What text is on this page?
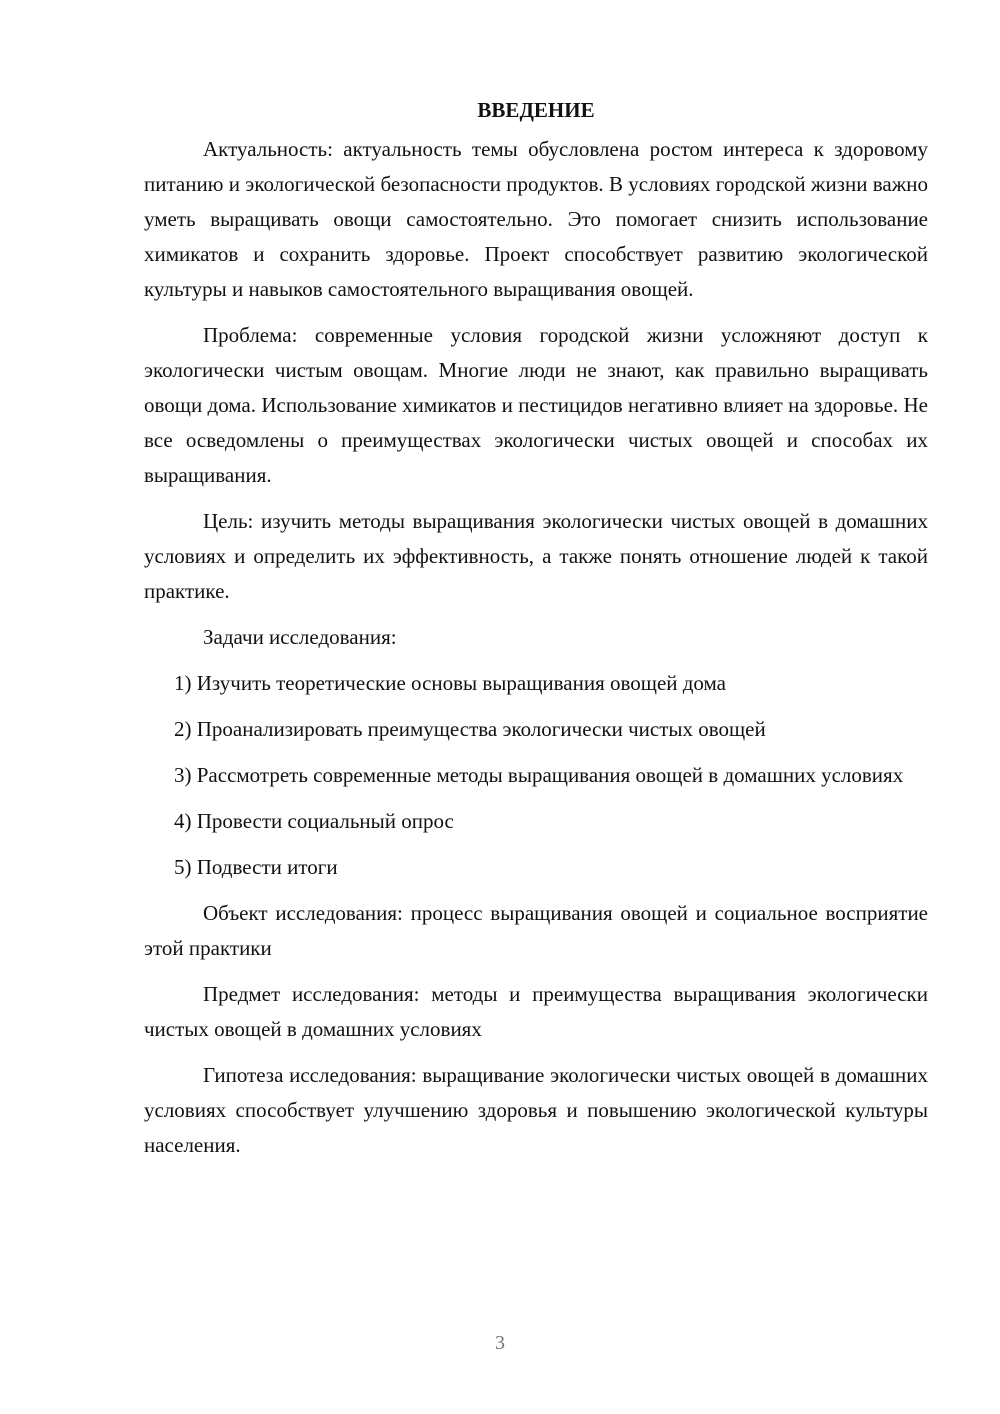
ВВЕДЕНИЕ

Актуальность: актуальность темы обусловлена ростом интереса к здоровому питанию и экологической безопасности продуктов. В условиях городской жизни важно уметь выращивать овощи самостоятельно. Это помогает снизить использование химикатов и сохранить здоровье. Проект способствует развитию экологической культуры и навыков самостоятельного выращивания овощей.

Проблема: современные условия городской жизни усложняют доступ к экологически чистым овощам. Многие люди не знают, как правильно выращивать овощи дома. Использование химикатов и пестицидов негативно влияет на здоровье. Не все осведомлены о преимуществах экологически чистых овощей и способах их выращивания.

Цель: изучить методы выращивания экологически чистых овощей в домашних условиях и определить их эффективность, а также понять отношение людей к такой практике.

Задачи исследования:

1) Изучить теоретические основы выращивания овощей дома

2) Проанализировать преимущества экологически чистых овощей

3) Рассмотреть современные методы выращивания овощей в домашних условиях

4) Провести социальный опрос

5) Подвести итоги

Объект исследования: процесс выращивания овощей и социальное восприятие этой практики

Предмет исследования: методы и преимущества выращивания экологически чистых овощей в домашних условиях

Гипотеза исследования: выращивание экологически чистых овощей в домашних условиях способствует улучшению здоровья и повышению экологической культуры населения.

3
